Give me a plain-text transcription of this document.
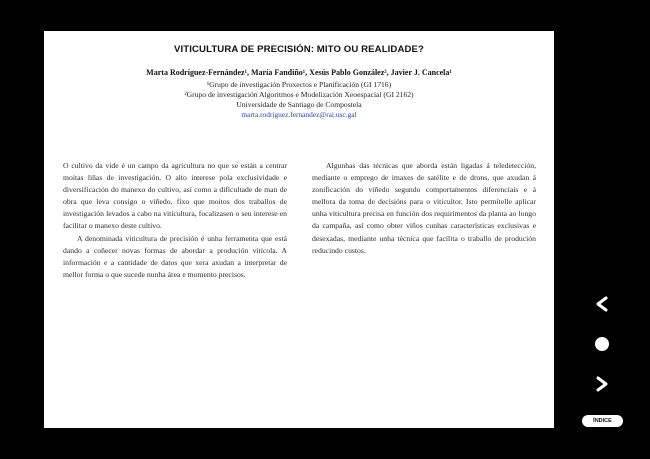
VITICULTURA DE PRECISIÓN: MITO OU REALIDADE?
Marta Rodríguez-Fernández¹, María Fandiño¹, Xesús Pablo González², Javier J. Cancela¹
¹Grupo de investigación Proxectos e Planificación (GI 1716)
²Grupo de investigación Algoritmos e Modelización Xeoespacial (GI 2162)
Universidade de Santiago de Compostela
marta.rodriguez.fernandez@rai.usc.gal

O cultivo da vide é un campo da agricultura no que se están a centrar moitas liñas de investigación. O alto interese pola exclusividade e diversificación do manexo do cultivo, así como a dificultade de man de obra que leva consigo o viñedo, fixo que moitos dos traballos de investigación levados a cabo na viticultura, focalizasen o seu interese en facilitar o manexo deste cultivo.

A denominada viticultura de precisión é unha ferramenta que está dando a coñecer novas formas de abordar a produción vitícola. A información e a cantidade de datos que xera axudan a interpretar de mellor forma o que sucede nunha área e momento precisos.

Algunhas das técnicas que aborda están ligadas á teledetección, mediante o emprego de imaxes de satélite e de drons, que axudan á zonificación do viñedo segundo comportamentos diferenciais e á mellora da toma de decisións para o viticultor. Isto permítelle aplicar unha viticultura precisa en función dos requirimentos da planta ao longo da campaña, así como obter viños cunhas características exclusivas e desexadas, mediante unha técnica que facilita o traballo de produción reducindo custos.

ÍNDICE
